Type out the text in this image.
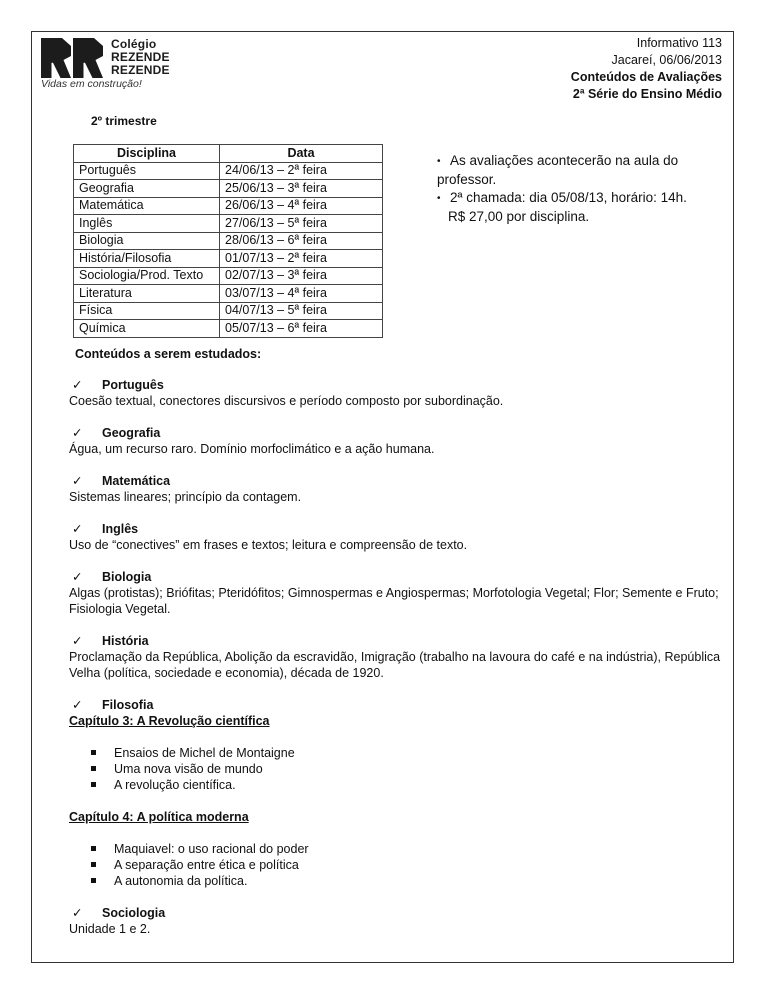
Colégio
REZENDE
REZENDE
Vidas em construção!
Informativo 113
Jacareí, 06/06/2013
Conteúdos de Avaliações
2ª Série do Ensino Médio
2º trimestre
Disciplina	Data
Português	24/06/13 – 2ª feira
Geografia	25/06/13 – 3ª feira
Matemática	26/06/13 – 4ª feira
Inglês	27/06/13 – 5ª feira
Biologia	28/06/13 – 6ª feira
História/Filosofia	01/07/13 – 2ª feira
Sociologia/Prod. Texto	02/07/13 – 3ª feira
Literatura	03/07/13 – 4ª feira
Física	04/07/13 – 5ª feira
Química	05/07/13 – 6ª feira
• As avaliações acontecerão na aula do professor.
• 2ª chamada: dia 05/08/13, horário: 14h.
R$ 27,00 por disciplina.
Conteúdos a serem estudados:
✓ Português
Coesão textual, conectores discursivos e período composto por subordinação.
✓ Geografia
Água, um recurso raro. Domínio morfoclimático e a ação humana.
✓ Matemática
Sistemas lineares; princípio da contagem.
✓ Inglês
Uso de “conectives” em frases e textos; leitura e compreensão de texto.
✓ Biologia
Algas (protistas); Briófitas; Pteridófitos; Gimnospermas e Angiospermas; Morfotologia Vegetal; Flor; Semente e Fruto; Fisiologia Vegetal.
✓ História
Proclamação da República, Abolição da escravidão, Imigração (trabalho na lavoura do café e na indústria), República Velha (política, sociedade e economia), década de 1920.
✓ Filosofia
Capítulo 3: A Revolução científica
Ensaios de Michel de Montaigne
Uma nova visão de mundo
A revolução científica.
Capítulo 4: A política moderna
Maquiavel: o uso racional do poder
A separação entre ética e política
A autonomia da política.
✓ Sociologia
Unidade 1 e 2.
